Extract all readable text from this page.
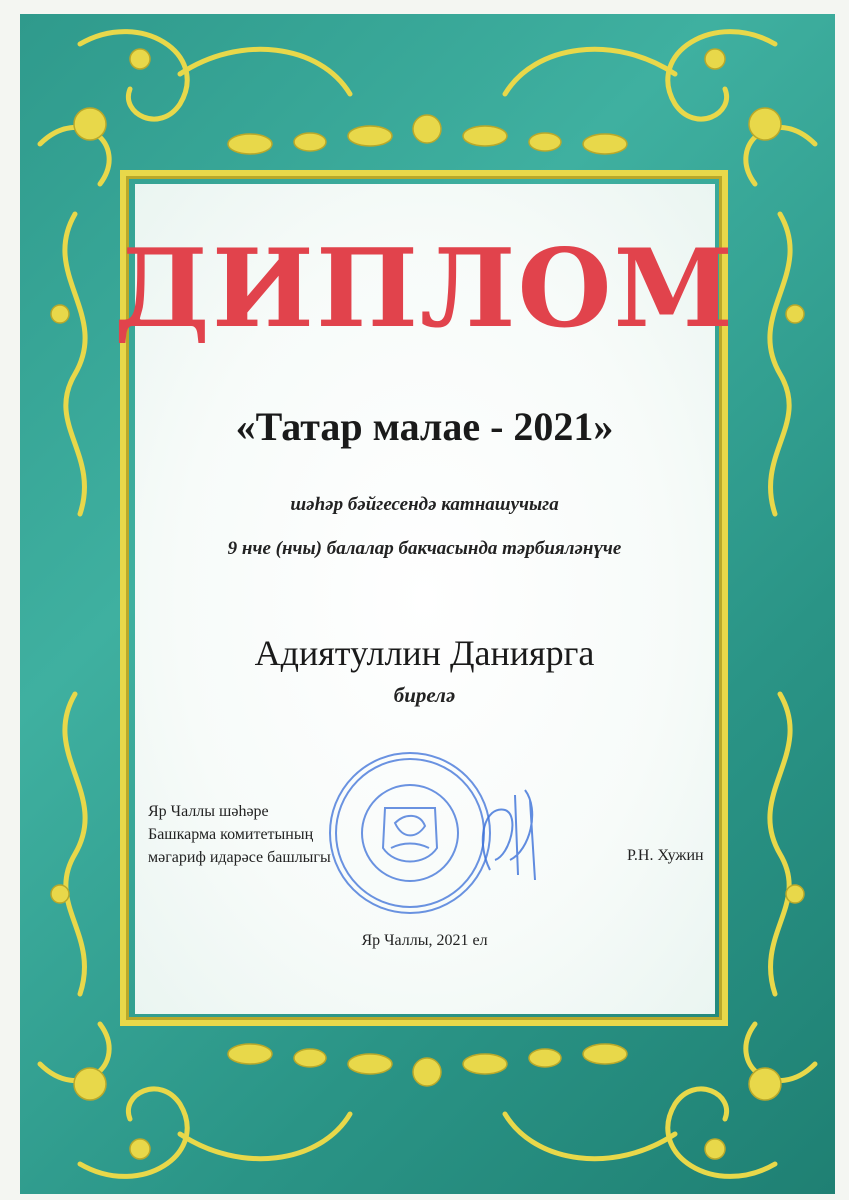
ДИПЛОМ
«Татар малае - 2021»
шәһәр бәйгесендә катнашучыга
9 нче (нчы) балалар бакчасында тәрбияләнүче
Адиятуллин Даниярга
бирелә
Яр Чаллы шәһәре
Башкарма комитетының
мәгариф идарәсе башлыгы	Р.Н. Хужин
Яр Чаллы, 2021 ел
